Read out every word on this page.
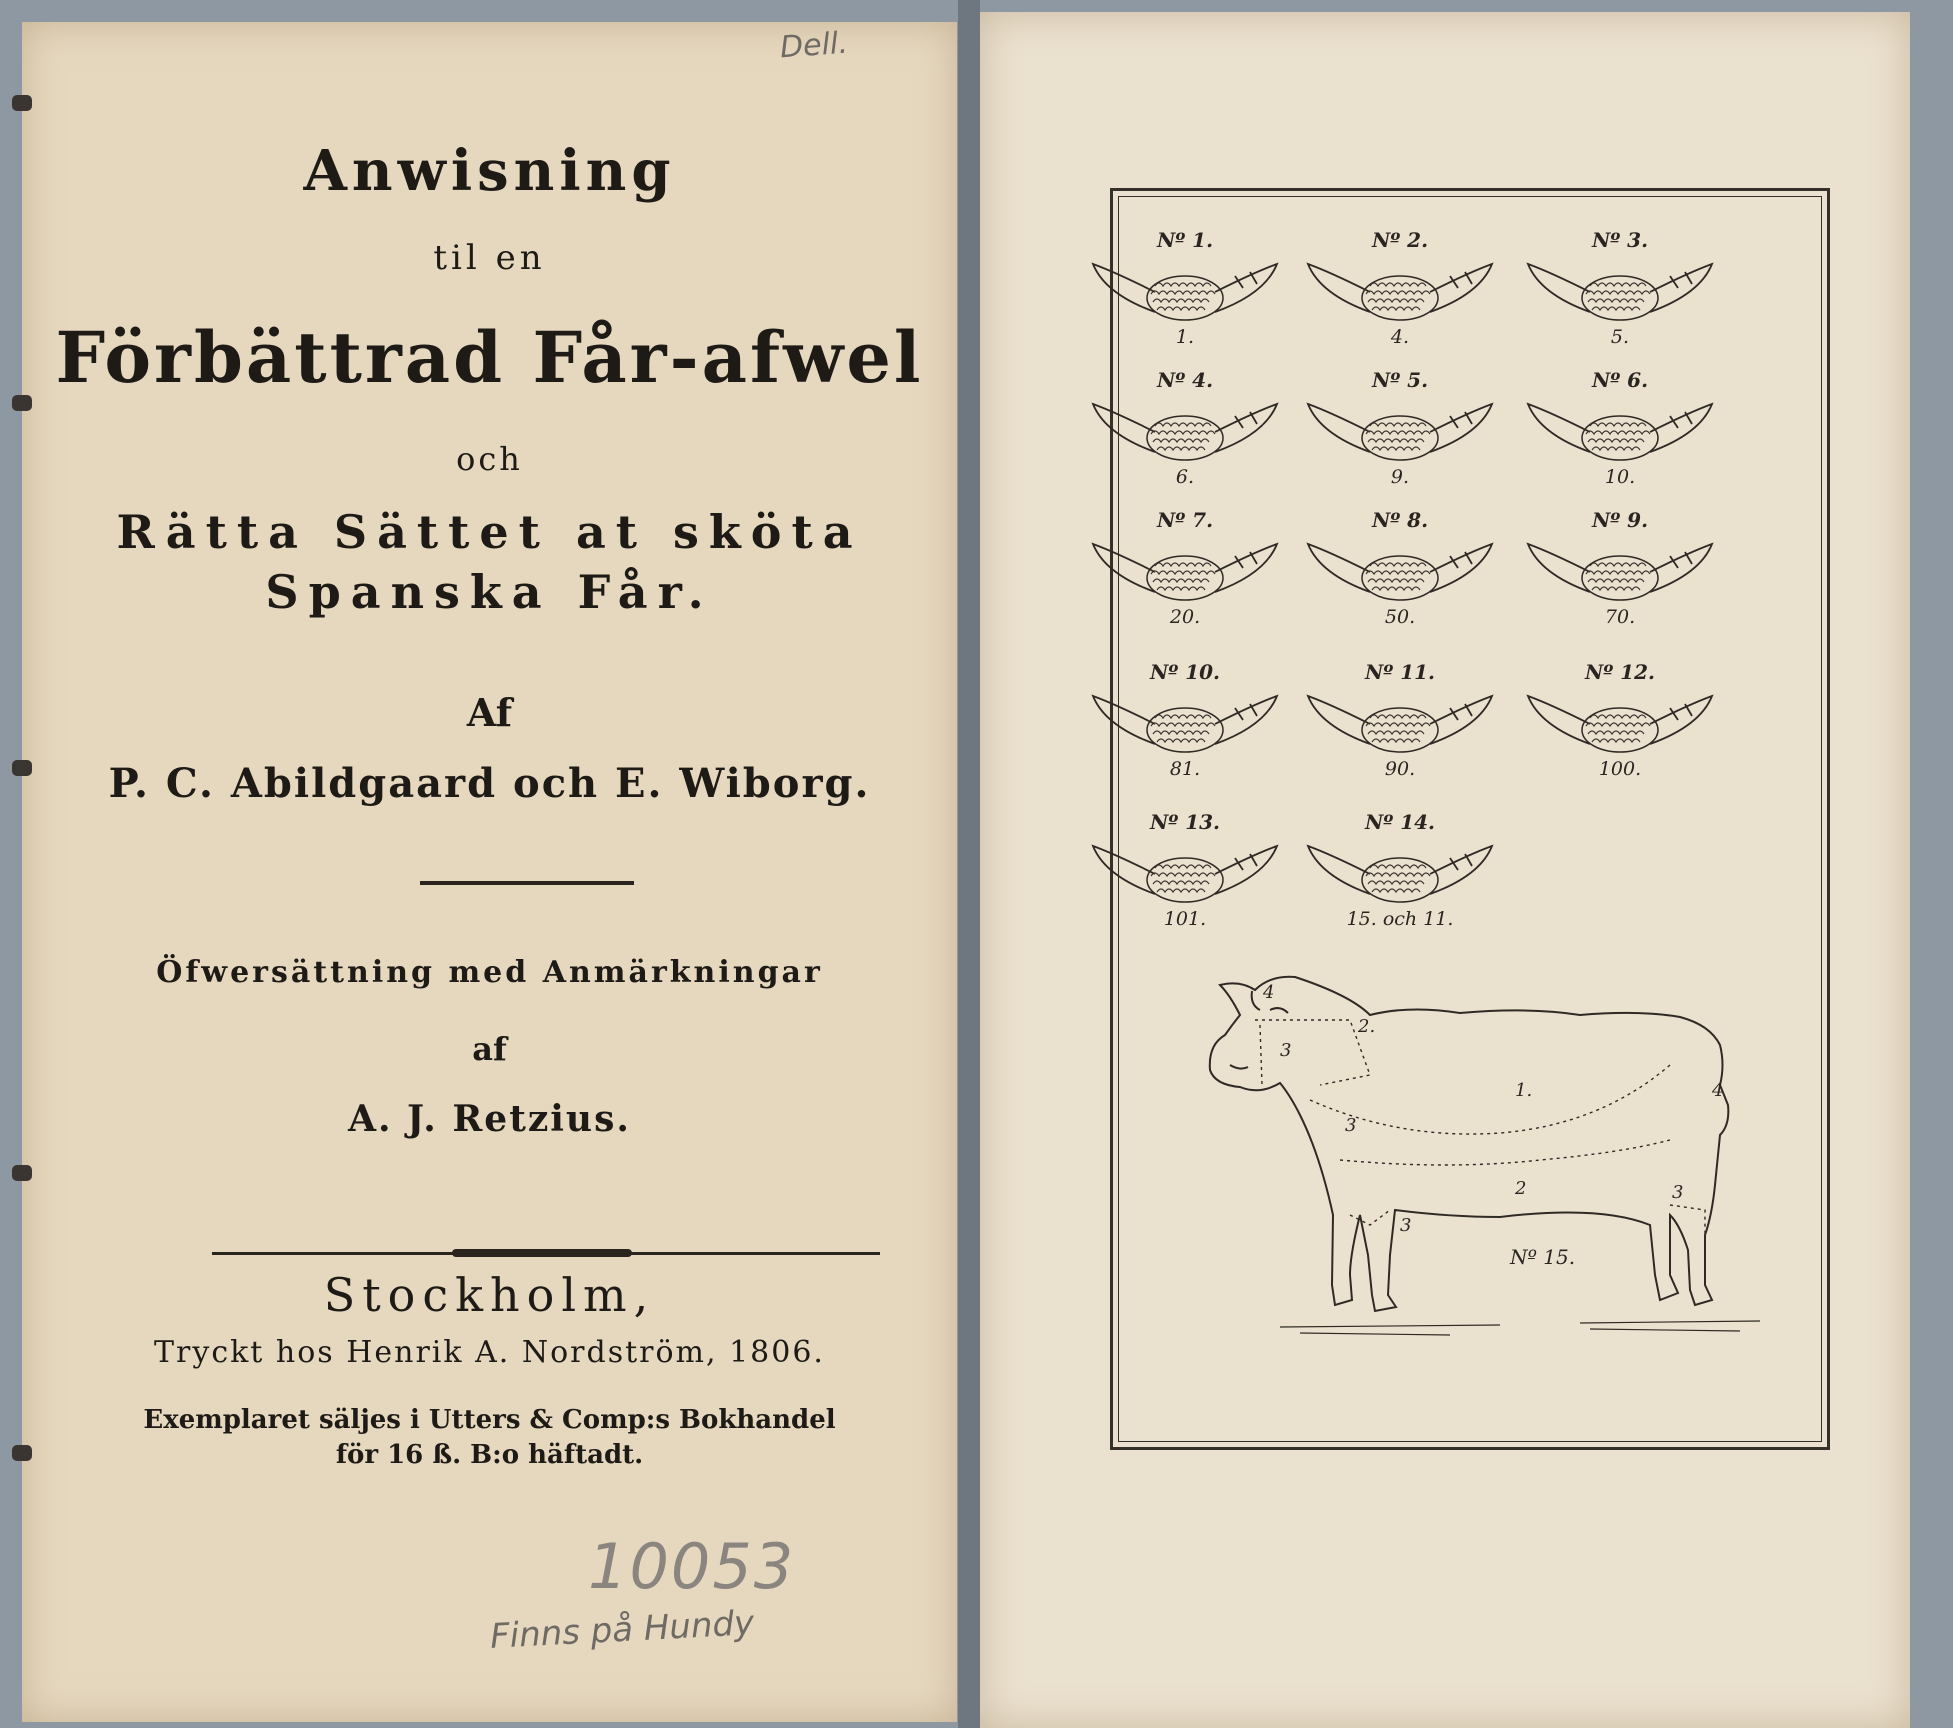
Anwisning
til en
Förbättrad Får-afwel
och
Rätta Sättet at sköta
Spanska Får.
Af
P. C. Abildgaard och E. Wiborg.
Öfwersättning med Anmärkningar
af
A. J. Retzius.
Stockholm,
Tryckt hos Henrik A. Nordström, 1806.
Exemplaret säljes i Utters & Comp:s Bokhandel
för 16 ß. B:o häftadt.
Dell.
10053
Finns på Hundy
Nº 1.
1.
Nº 2.
4.
Nº 3.
5.
Nº 4.
6.
Nº 5.
9.
Nº 6.
10.
Nº 7.
20.
Nº 8.
50.
Nº 9.
70.
Nº 10.
81.
Nº 11.
90.
Nº 12.
100.
Nº 13.
101.
Nº 14.
15. och 11.
4
2.
3
1.	4
3
2	3
3
Nº 15.
